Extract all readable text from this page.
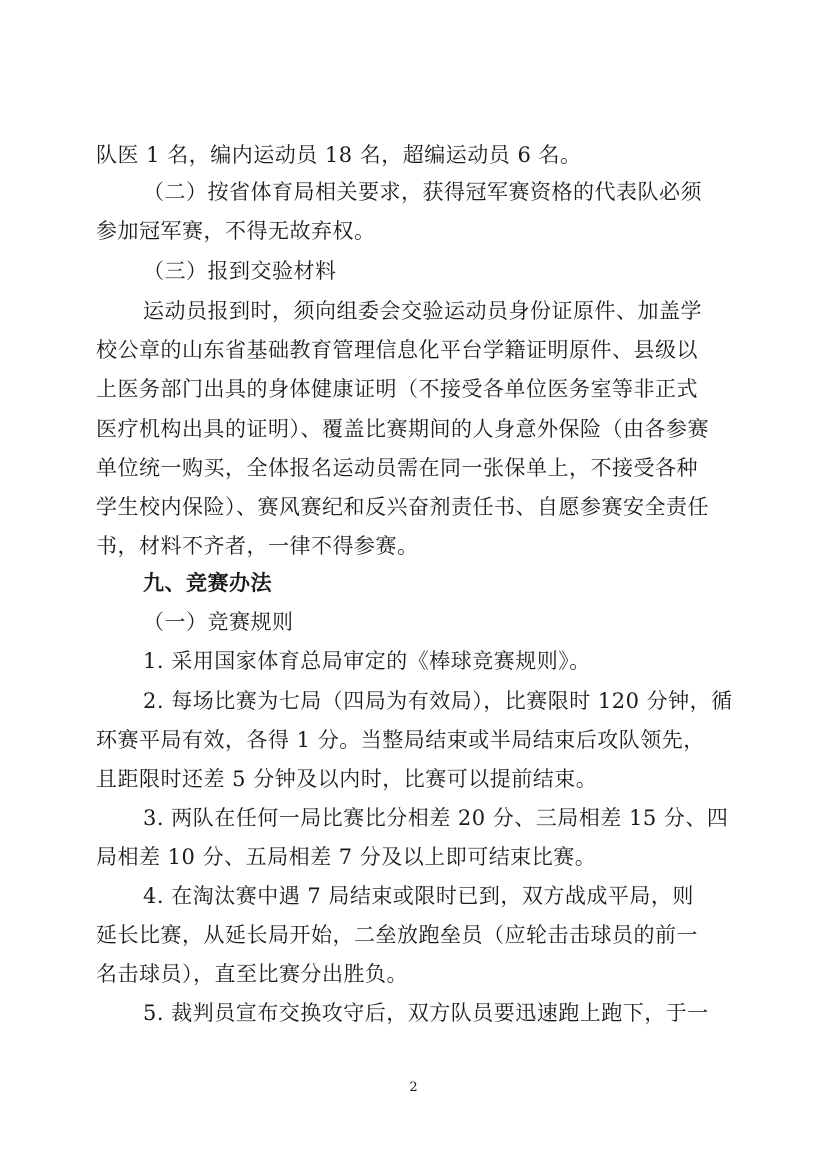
队医 1 名，编内运动员 18 名，超编运动员 6 名。
（二）按省体育局相关要求，获得冠军赛资格的代表队必须
参加冠军赛，不得无故弃权。
（三）报到交验材料
运动员报到时，须向组委会交验运动员身份证原件、加盖学
校公章的山东省基础教育管理信息化平台学籍证明原件、县级以
上医务部门出具的身体健康证明（不接受各单位医务室等非正式
医疗机构出具的证明）、覆盖比赛期间的人身意外保险（由各参赛
单位统一购买，全体报名运动员需在同一张保单上，不接受各种
学生校内保险）、赛风赛纪和反兴奋剂责任书、自愿参赛安全责任
书，材料不齐者，一律不得参赛。
九、竞赛办法
（一）竞赛规则
1. 采用国家体育总局审定的《棒球竞赛规则》。
2. 每场比赛为七局（四局为有效局），比赛限时 120 分钟，循
环赛平局有效，各得 1 分。当整局结束或半局结束后攻队领先，
且距限时还差 5 分钟及以内时，比赛可以提前结束。
3. 两队在任何一局比赛比分相差 20 分、三局相差 15 分、四
局相差 10 分、五局相差 7 分及以上即可结束比赛。
4. 在淘汰赛中遇 7 局结束或限时已到，双方战成平局，则
延长比赛，从延长局开始，二垒放跑垒员（应轮击击球员的前一
名击球员），直至比赛分出胜负。
5. 裁判员宣布交换攻守后，双方队员要迅速跑上跑下，于一
2
